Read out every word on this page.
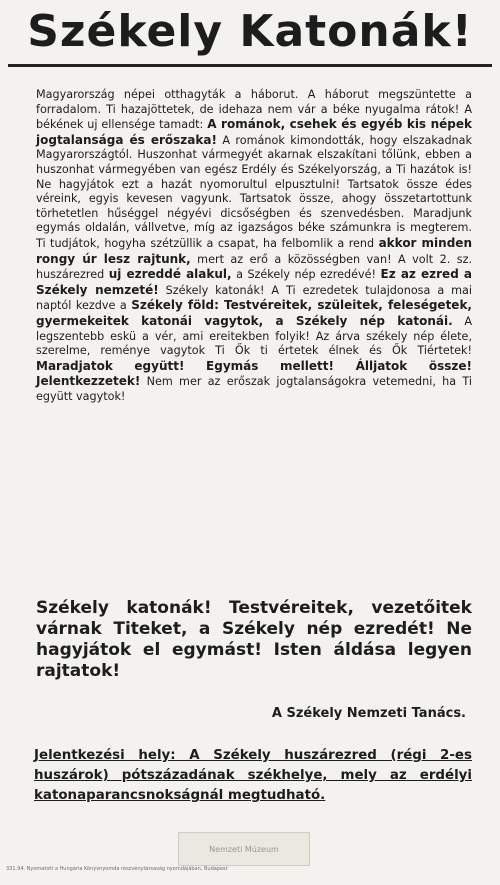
Székely Katonák!
Magyarország népei otthagyták a háborut. A háborut megszüntette a forradalom. Ti hazajöttetek, de idehaza nem vár a béke nyugalma rátok! A békének uj ellensége tamadt: A románok, csehek és egyéb kis népek jogtalansága és erőszaka! A románok kimondották, hogy elszakadnak Magyarországtól. Huszonhat vármegyét akarnak elszakítani tőlünk, ebben a huszonhat vármegyében van egész Erdély és Székelyország, a Ti hazátok is! Ne hagyjátok ezt a hazát nyomorultul elpusztulni! Tartsatok össze édes véreink, egyis kevesen vagyunk. Tartsatok össze, ahogy összetartottunk törhetetlen hűséggel négyévi dicsőségben és szenvedésben. Maradjunk egymás oldalán, vállvetve, míg az igazságos béke számunkra is megterem. Ti tudjátok, hogyha szétzüllik a csapat, ha felbomlik a rend akkor minden rongy úr lesz rajtunk, mert az erő a közösségben van! A volt 2. sz. huszárezred uj ezreddé alakul, a Székely nép ezredévé! Ez az ezred a Székely nemzeté! Székely katonák! A Ti ezredetek tulajdonosa a mai naptól kezdve a Székely föld: Testvéreitek, szüleitek, feleségetek, gyermekeitek katonái vagytok, a Székely nép katonái. A legszentebb eskü a vér, ami ereitekben folyik! Az árva székely nép élete, szerelme, reménye vagytok Ti Ők ti értetek élnek és Ők Tiértetek! Maradjatok együtt! Egymás mellett! Álljatok össze! Jelentkezzetek! Nem mer az erőszak jogtalanságokra vetemedni, ha Ti együtt vagytok!
Székely katonák! Testvéreitek, vezetőitek várnak Titeket, a Székely nép ezredét! Ne hagyjátok el egymást! Isten áldása legyen rajtatok!
A Székely Nemzeti Tanács.
Jelentkezési hely: A Székely huszárezred (régi 2-es huszárok) pótszázadának székhelye, mely az erdélyi katonaparancsnokságnál megtudható.
Nemzeti Múzeum
331.94. Nyomatott a Hungária Könyvnyomda részvénytársaság nyomdájában, Budapest
